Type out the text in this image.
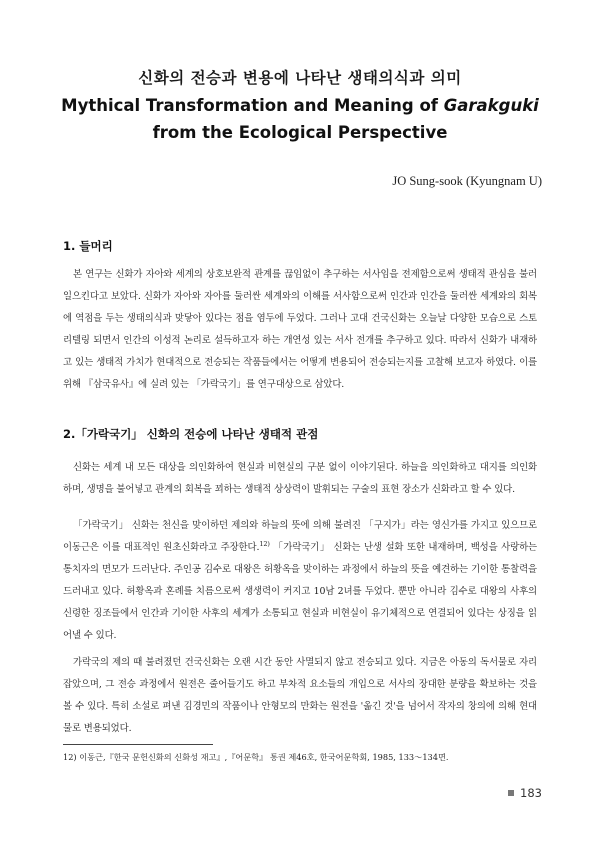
신화의 전승과 변용에 나타난 생태의식과 의미
Mythical Transformation and Meaning of Garakguki from the Ecological Perspective
JO Sung-sook (Kyungnam U)
1. 들머리

본 연구는 신화가 자아와 세계의 상호보완적 관계를 끊임없이 추구하는 서사임을 전제함으로써 생태적 관심을 불러일으킨다고 보았다. 신화가 자아와 자아를 둘러싼 세계와의 이해를 서사함으로써 인간과 인간을 둘러싼 세계와의 회복에 역점을 두는 생태의식과 맞닿아 있다는 점을 염두에 두었다. 그러나 고대 건국신화는 오늘날 다양한 모습으로 스토리텔링 되면서 인간의 이성적 논리로 설득하고자 하는 개연성 있는 서사 전개를 추구하고 있다. 따라서 신화가 내재하고 있는 생태적 가치가 현대적으로 전승되는 작품들에서는 어떻게 변용되어 전승되는지를 고찰해 보고자 하였다. 이를 위해 『삼국유사』에 실려 있는 「가락국기」를 연구대상으로 삼았다.

2.「가락국기」 신화의 전승에 나타난 생태적 관점

신화는 세계 내 모든 대상을 의인화하여 현실과 비현실의 구분 없이 이야기된다. 하늘을 의인화하고 대지를 의인화하며, 생명을 불어넣고 관계의 회복을 꾀하는 생태적 상상력이 발휘되는 구술의 표현 장소가 신화라고 할 수 있다.

「가락국기」 신화는 천신을 맞이하던 제의와 하늘의 뜻에 의해 불려진 「구지가」라는 영신가를 가지고 있으므로 이동근은 이를 대표적인 원초신화라고 주장한다.$^{12)}$ 「가락국기」 신화는 난생 설화 또한 내재하며, 백성을 사랑하는 통치자의 면모가 드러난다. 주인공 김수로 대왕은 허황옥을 맞이하는 과정에서 하늘의 뜻을 예견하는 기이한 통찰력을 드러내고 있다. 허황옥과 혼례를 치름으로써 생생력이 커지고 10남 2녀를 두었다. 뿐만 아니라 김수로 대왕의 사후의 신령한 징조들에서 인간과 기이한 사후의 세계가 소통되고 현실과 비현실이 유기체적으로 연결되어 있다는 상징을 읽어낼 수 있다.

가락국의 제의 때 불려졌던 건국신화는 오랜 시간 동안 사멸되지 않고 전승되고 있다. 지금은 아동의 독서물로 자리 잡았으며, 그 전승 과정에서 원전은 줄어들기도 하고 부차적 요소들의 개입으로 서사의 장대한 분량을 확보하는 것을 볼 수 있다. 특히 소설로 펴낸 김경민의 작품이나 안형모의 만화는 원전을 '옮긴 것'을 넘어서 작자의 창의에 의해 현대물로 변용되었다.

12) 이동근,『한국 문헌신화의 신화성 재고』,『어문학』 통권 제46호, 한국어문학회, 1985, 133～134면.

183
